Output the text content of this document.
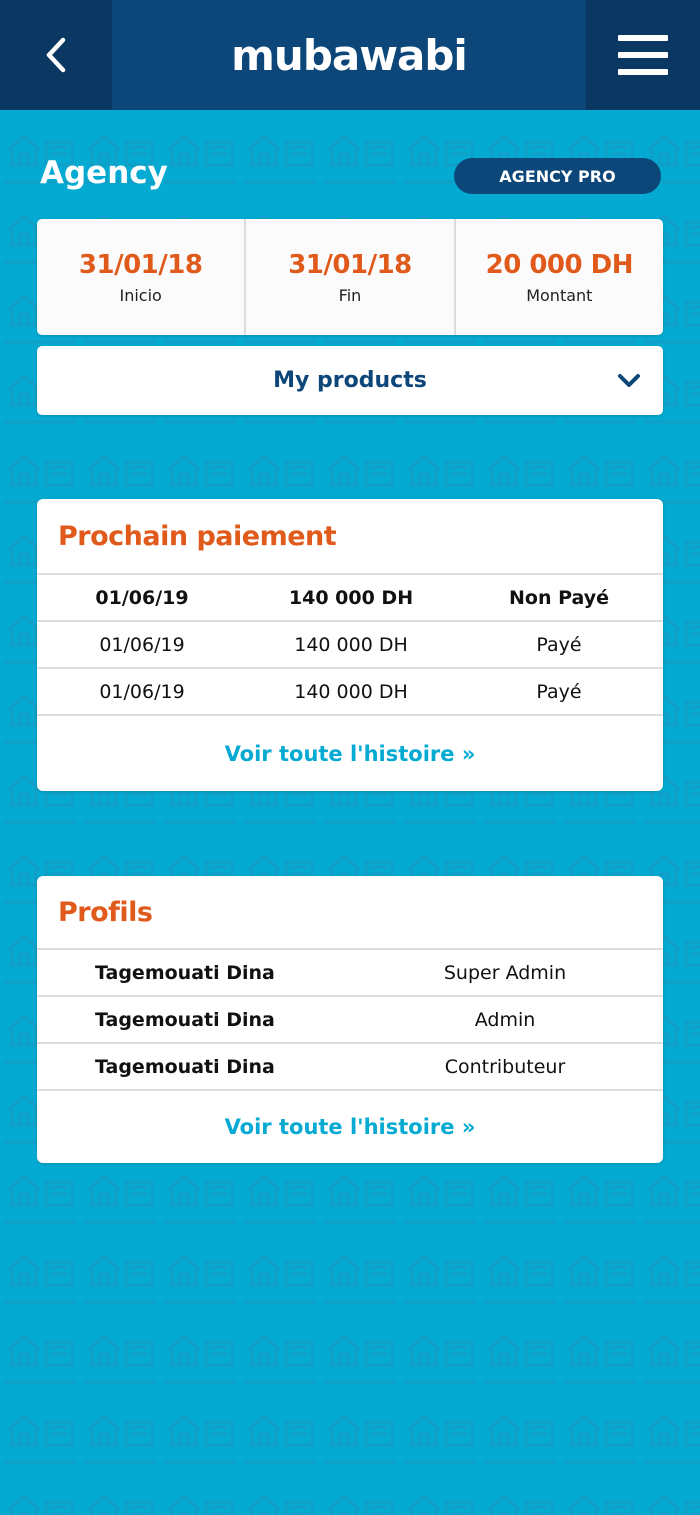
mubawabi
Agency	AGENCY PRO
31/01/18
Inicio
31/01/18
Fin
20 000 DH
Montant
My products
Prochain paiement
01/06/19	140 000 DH	Non Payé
01/06/19	140 000 DH	Payé
01/06/19	140 000 DH	Payé
Voir toute l'histoire »
Profils
Tagemouati Dina	Super Admin
Tagemouati Dina	Admin
Tagemouati Dina	Contributeur
Voir toute l'histoire »
